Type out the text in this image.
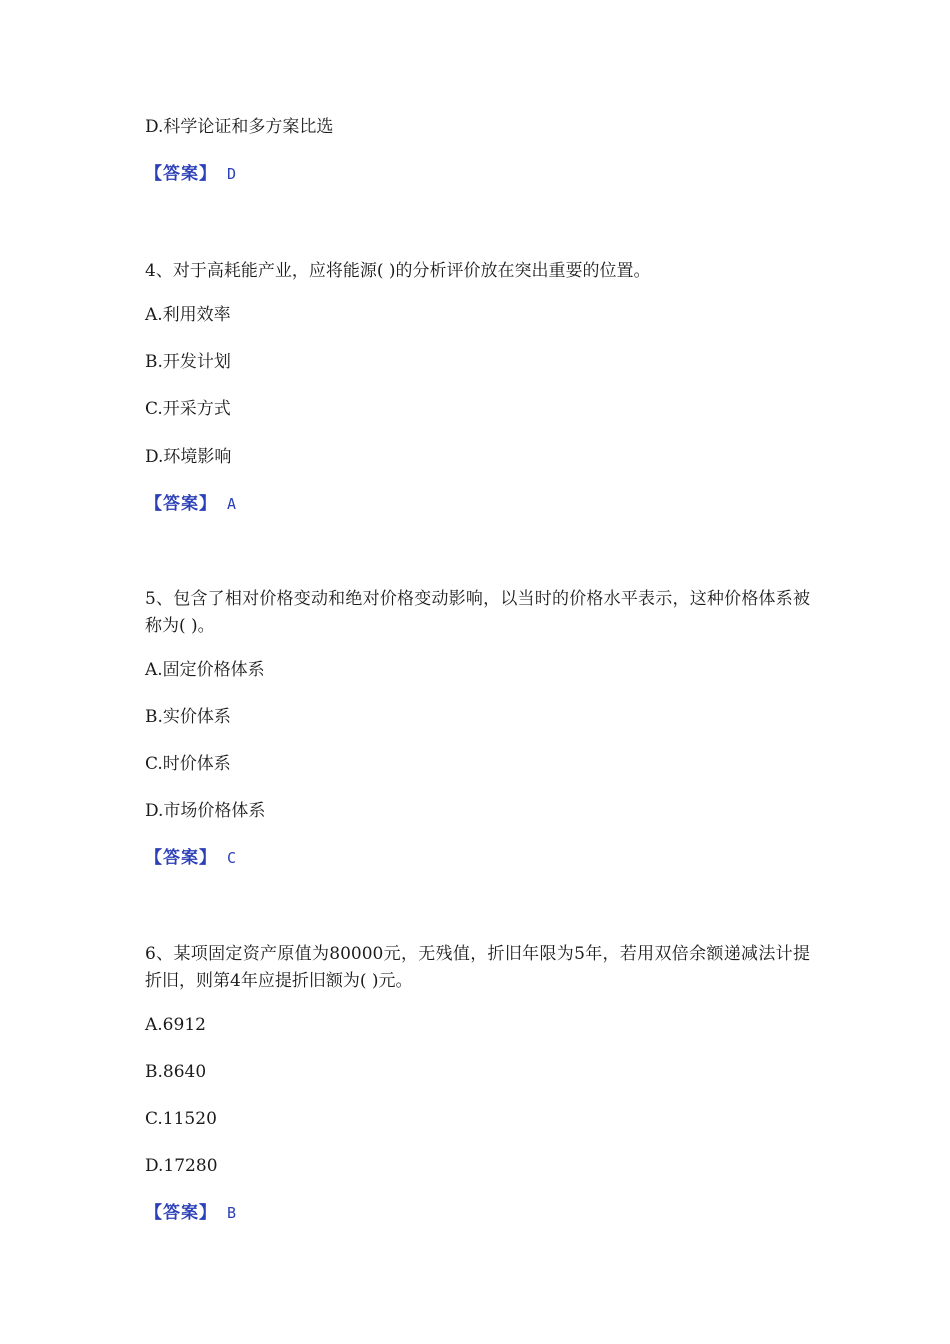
D.科学论证和多方案比选
【答案】 D
4、对于高耗能产业，应将能源( )的分析评价放在突出重要的位置。
A.利用效率
B.开发计划
C.开采方式
D.环境影响
【答案】 A
5、包含了相对价格变动和绝对价格变动影响，以当时的价格水平表示，这种价格体系被称为( )。
A.固定价格体系
B.实价体系
C.时价体系
D.市场价格体系
【答案】 C
6、某项固定资产原值为80000元，无残值，折旧年限为5年，若用双倍余额递减法计提折旧，则第4年应提折旧额为( )元。
A.6912
B.8640
C.11520
D.17280
【答案】 B
